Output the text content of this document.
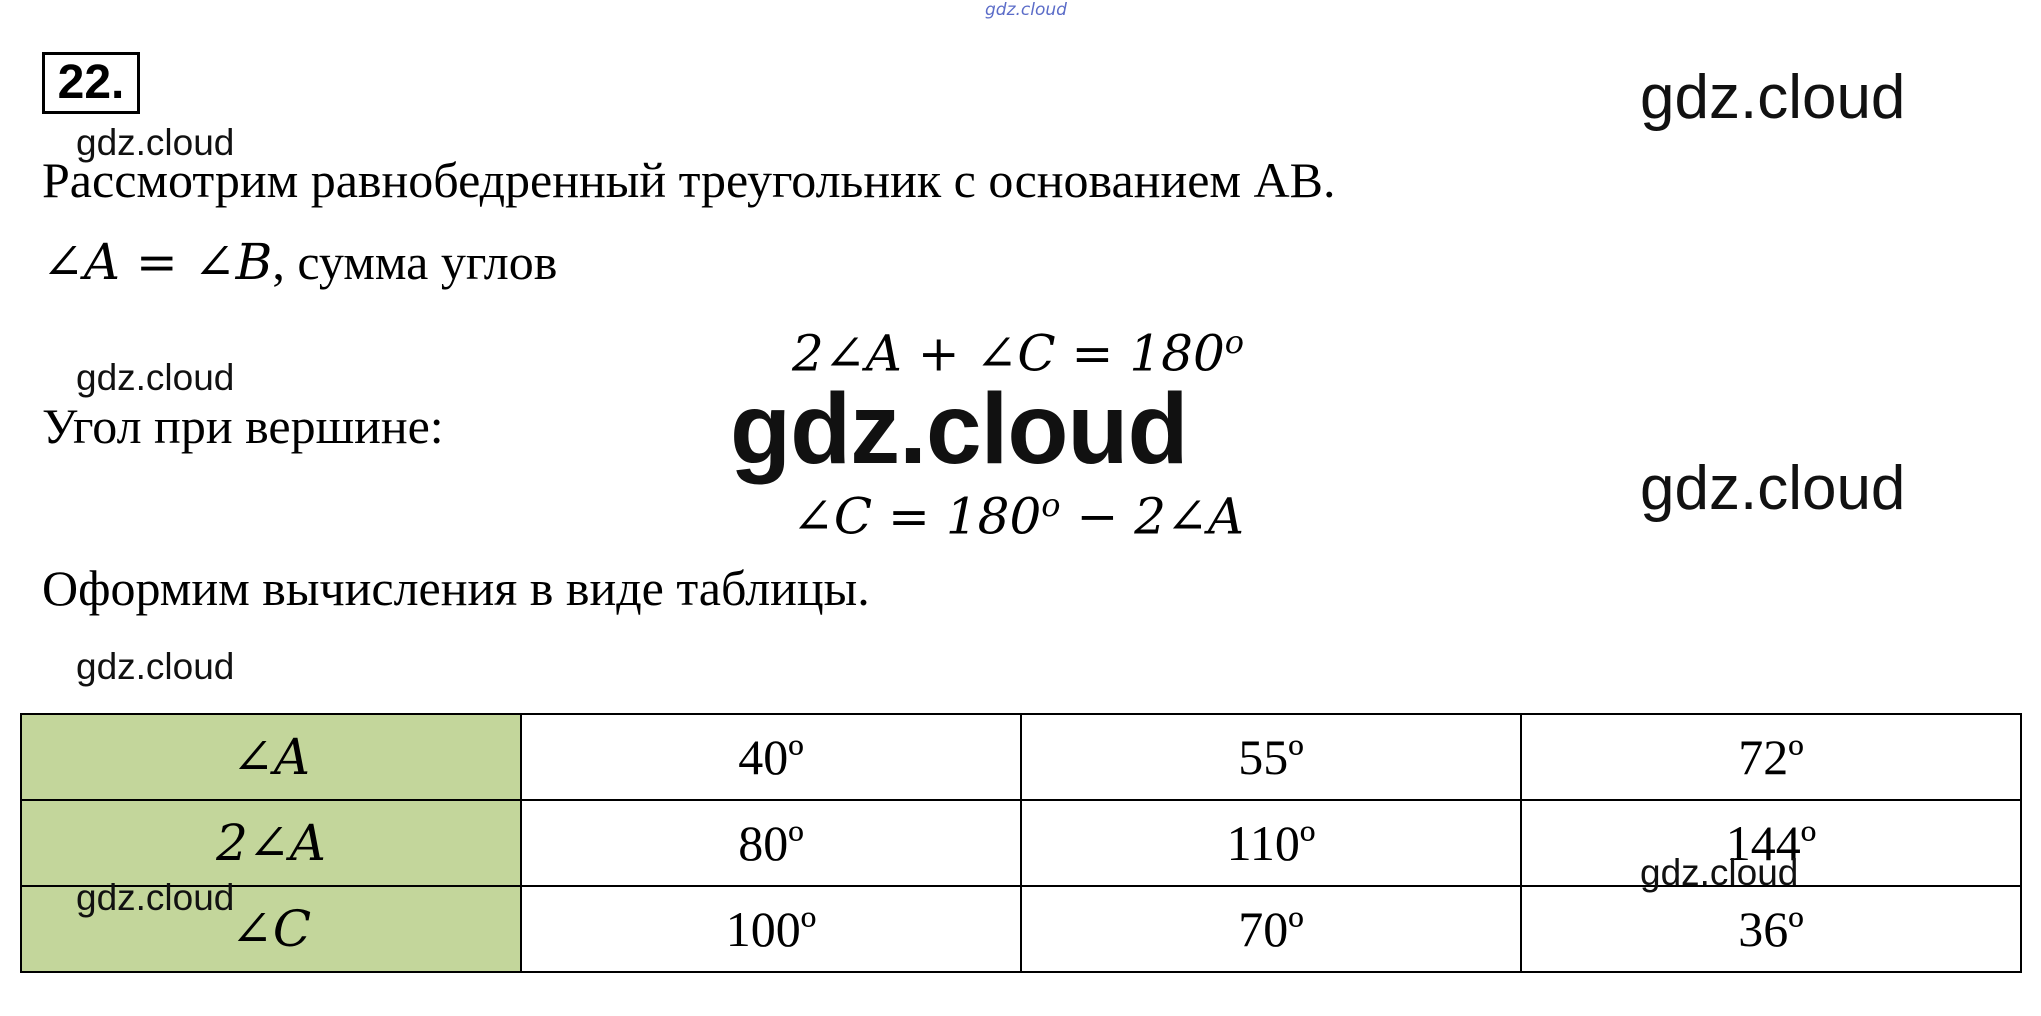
gdz.cloud
22.	gdz.cloud
gdz.cloud
gdz.cloud
gdz.cloud
gdz.cloud
Рассмотрим равнобедренный треугольник с основанием АВ.
∠A = ∠B, сумма углов
2∠A + ∠C = $180^o$
Угол при вершине:	gdz.cloud
∠C = $180^o$ − 2∠A
Оформим вычисления в виде таблицы.
∠A	40º	55º	72º
2∠A	80º	110º	144º
∠C	100º	70º	36º
gdz.cloud
gdz.cloud
